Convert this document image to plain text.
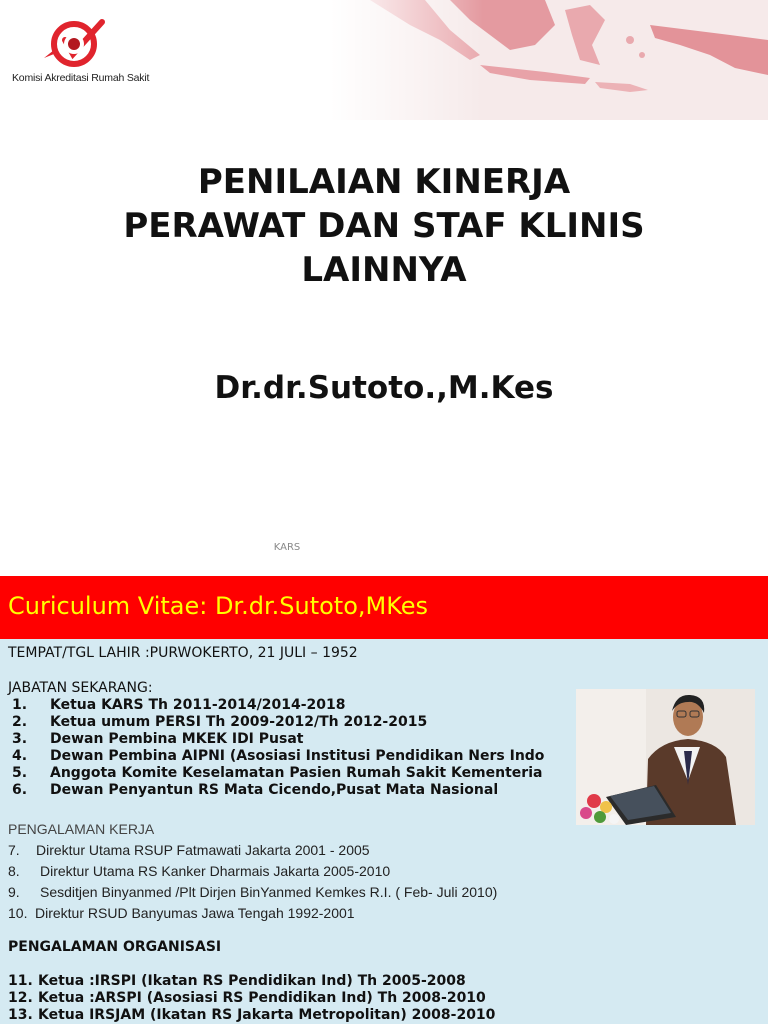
Komisi Akreditasi Rumah Sakit
PENILAIAN KINERJA
PERAWAT DAN STAF KLINIS
LAINNYA
Dr.dr.Sutoto.,M.Kes
KARS
Curiculum Vitae: Dr.dr.Sutoto,MKes
TEMPAT/TGL LAHIR :PURWOKERTO, 21 JULI – 1952
JABATAN SEKARANG:
1. Ketua KARS Th 2011-2014/2014-2018
2. Ketua umum PERSI Th 2009-2012/Th 2012-2015
3. Dewan Pembina MKEK IDI Pusat
4. Dewan Pembina AIPNI (Asosiasi Institusi Pendidikan Ners Indo
5. Anggota Komite Keselamatan Pasien Rumah Sakit Kementeria
6. Dewan Penyantun RS Mata Cicendo,Pusat Mata Nasional
PENGALAMAN KERJA
7. Direktur Utama RSUP Fatmawati Jakarta 2001 - 2005
8. Direktur Utama RS Kanker Dharmais Jakarta 2005-2010
9. Sesditjen Binyanmed /Plt Dirjen BinYanmed Kemkes R.I. ( Feb- Juli 2010)
10. Direktur RSUD Banyumas Jawa Tengah 1992-2001
PENGALAMAN ORGANISASI
11. Ketua :IRSPI (Ikatan RS Pendidikan Ind) Th 2005-2008
12. Ketua :ARSPI (Asosiasi RS Pendidikan Ind) Th 2008-2010
13. Ketua IRSJAM (Ikatan RS Jakarta Metropolitan) 2008-2010
